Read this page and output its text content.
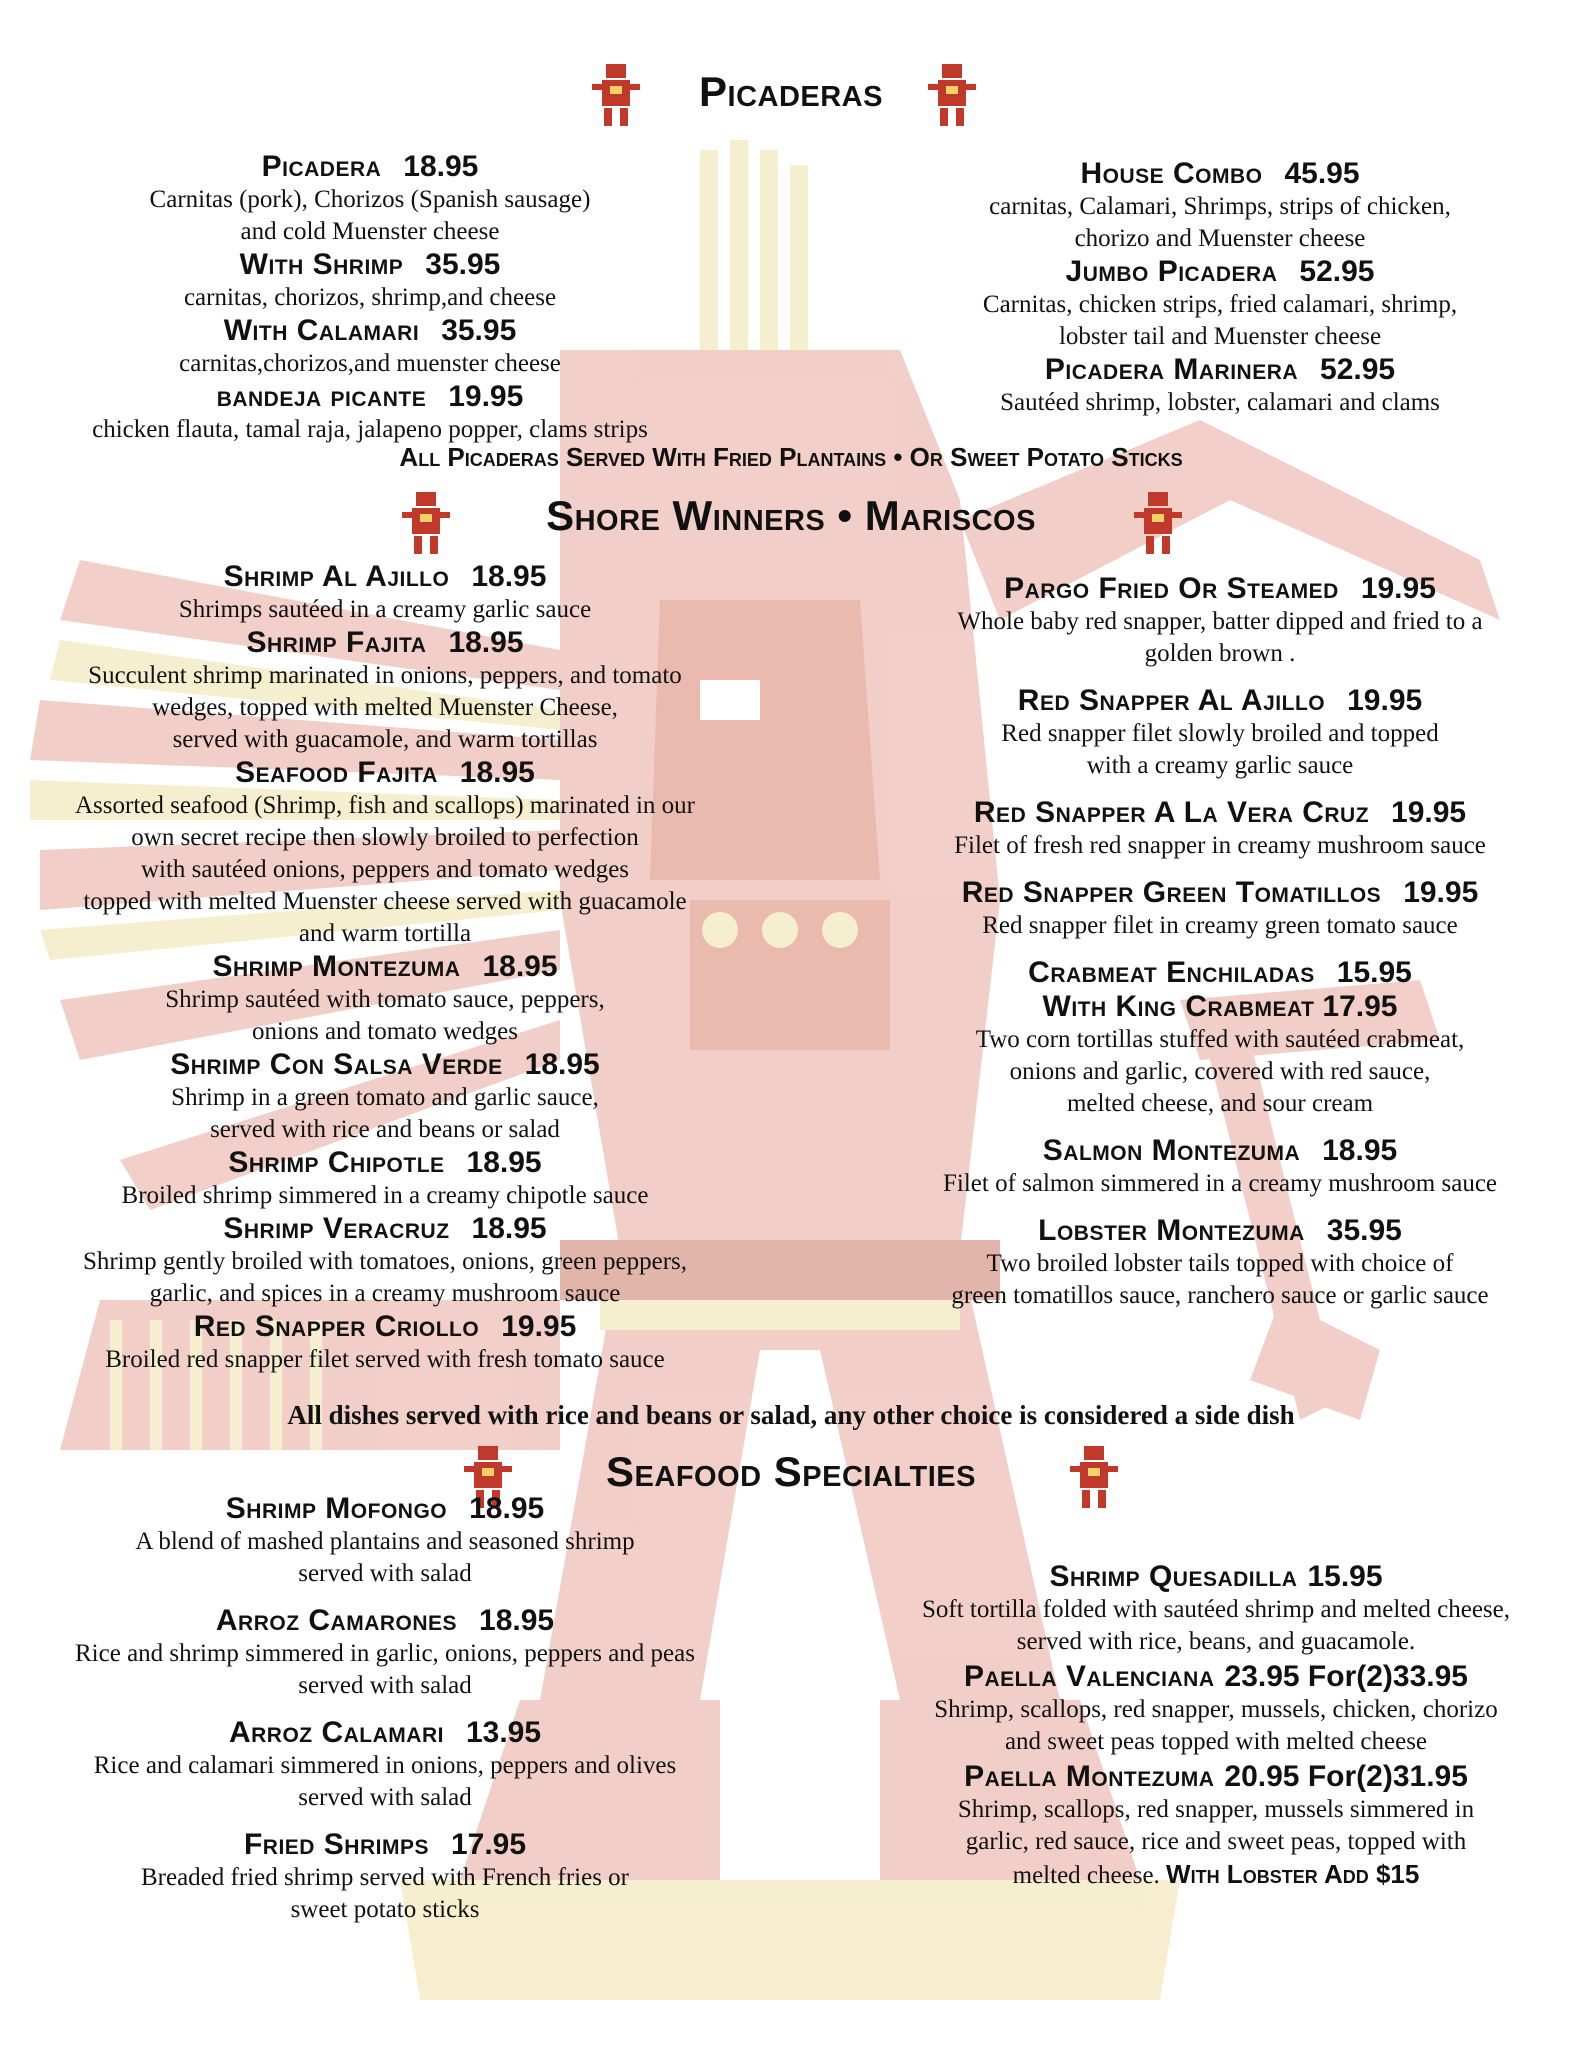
Picaderas
Picadera 18.95
Carnitas (pork), Chorizos (Spanish sausage)
and cold Muenster cheese
With Shrimp 35.95
carnitas, chorizos, shrimp,and cheese
With Calamari 35.95
carnitas,chorizos,and muenster cheese
bandeja picante 19.95
chicken flauta, tamal raja, jalapeno popper, clams strips
House Combo 45.95
carnitas, Calamari, Shrimps, strips of chicken,
chorizo and Muenster cheese
Jumbo Picadera 52.95
Carnitas, chicken strips, fried calamari, shrimp,
lobster tail and Muenster cheese
Picadera Marinera 52.95
Sautéed shrimp, lobster, calamari and clams
All Picaderas Served With Fried Plantains • Or Sweet Potato Sticks
Shore Winners • Mariscos
Shrimp Al Ajillo 18.95
Shrimps sautéed in a creamy garlic sauce
Shrimp Fajita 18.95
Succulent shrimp marinated in onions, peppers, and tomato
wedges, topped with melted Muenster Cheese,
served with guacamole, and warm tortillas
Seafood Fajita 18.95
Assorted seafood (Shrimp, fish and scallops) marinated in our
own secret recipe then slowly broiled to perfection
with sautéed onions, peppers and tomato wedges
topped with melted Muenster cheese served with guacamole
and warm tortilla
Shrimp Montezuma 18.95
Shrimp sautéed with tomato sauce, peppers,
onions and tomato wedges
Shrimp Con Salsa Verde 18.95
Shrimp in a green tomato and garlic sauce,
served with rice and beans or salad
Shrimp Chipotle 18.95
Broiled shrimp simmered in a creamy chipotle sauce
Shrimp Veracruz 18.95
Shrimp gently broiled with tomatoes, onions, green peppers,
garlic, and spices in a creamy mushroom sauce
Red Snapper Criollo 19.95
Broiled red snapper filet served with fresh tomato sauce
Pargo Fried Or Steamed 19.95
Whole baby red snapper, batter dipped and fried to a
golden brown .
Red Snapper Al Ajillo 19.95
Red snapper filet slowly broiled and topped
with a creamy garlic sauce
Red Snapper A La Vera Cruz 19.95
Filet of fresh red snapper in creamy mushroom sauce
Red Snapper Green Tomatillos 19.95
Red snapper filet in creamy green tomato sauce
Crabmeat Enchiladas 15.95
With King Crabmeat 17.95
Two corn tortillas stuffed with sautéed crabmeat,
onions and garlic, covered with red sauce,
melted cheese, and sour cream
Salmon Montezuma 18.95
Filet of salmon simmered in a creamy mushroom sauce
Lobster Montezuma 35.95
Two broiled lobster tails topped with choice of
green tomatillos sauce, ranchero sauce or garlic sauce
All dishes served with rice and beans or salad, any other choice is considered a side dish
Seafood Specialties
Shrimp Mofongo 18.95
A blend of mashed plantains and seasoned shrimp
served with salad
Arroz Camarones 18.95
Rice and shrimp simmered in garlic, onions, peppers and peas
served with salad
Arroz Calamari 13.95
Rice and calamari simmered in onions, peppers and olives
served with salad
Fried Shrimps 17.95
Breaded fried shrimp served with French fries or
sweet potato sticks
Shrimp Quesadilla 15.95
Soft tortilla folded with sautéed shrimp and melted cheese,
served with rice, beans, and guacamole.
Paella Valenciana 23.95 For(2)33.95
Shrimp, scallops, red snapper, mussels, chicken, chorizo
and sweet peas topped with melted cheese
Paella Montezuma 20.95 For(2)31.95
Shrimp, scallops, red snapper, mussels simmered in
garlic, red sauce, rice and sweet peas, topped with
melted cheese. With Lobster Add $15
